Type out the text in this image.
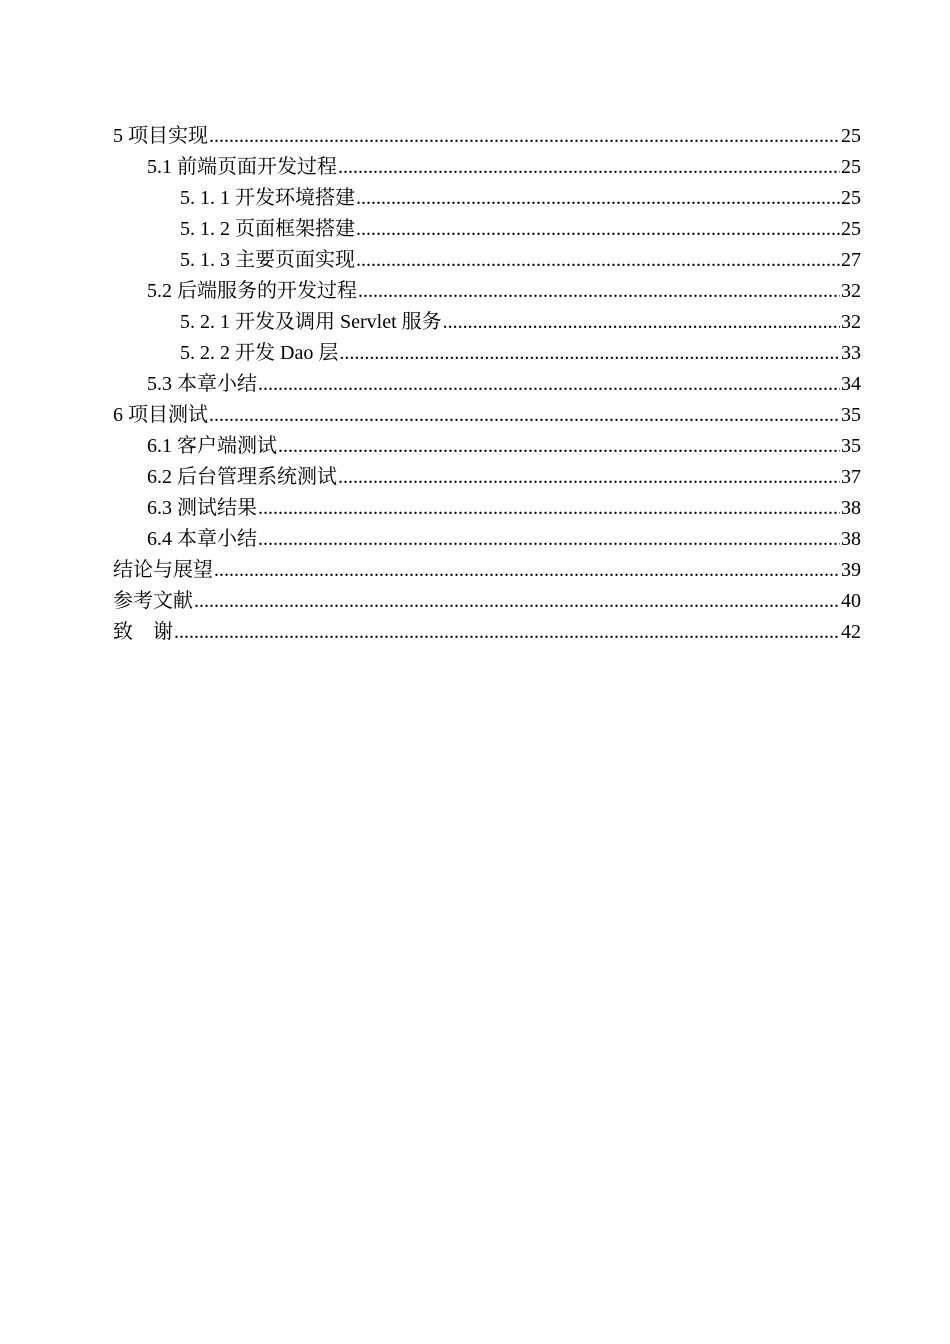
5 项目实现 .....	25
5.1 前端页面开发过程 .....	25
5. 1. 1 开发环境搭建 .....	25
5. 1. 2 页面框架搭建 .....	25
5. 1. 3 主要页面实现 .....	27
5.2 后端服务的开发过程 .....	32
5. 2. 1 开发及调用 Servlet 服务 .....	32
5. 2. 2 开发 Dao 层 .....	33
5.3 本章小结 .....	34
6 项目测试 .....	35
6.1 客户端测试 .....	35
6.2 后台管理系统测试 .....	37
6.3 测试结果 .....	38
6.4 本章小结 .....	38
结论与展望 .....	39
参考文献 .....	40
致　谢 .....	42
